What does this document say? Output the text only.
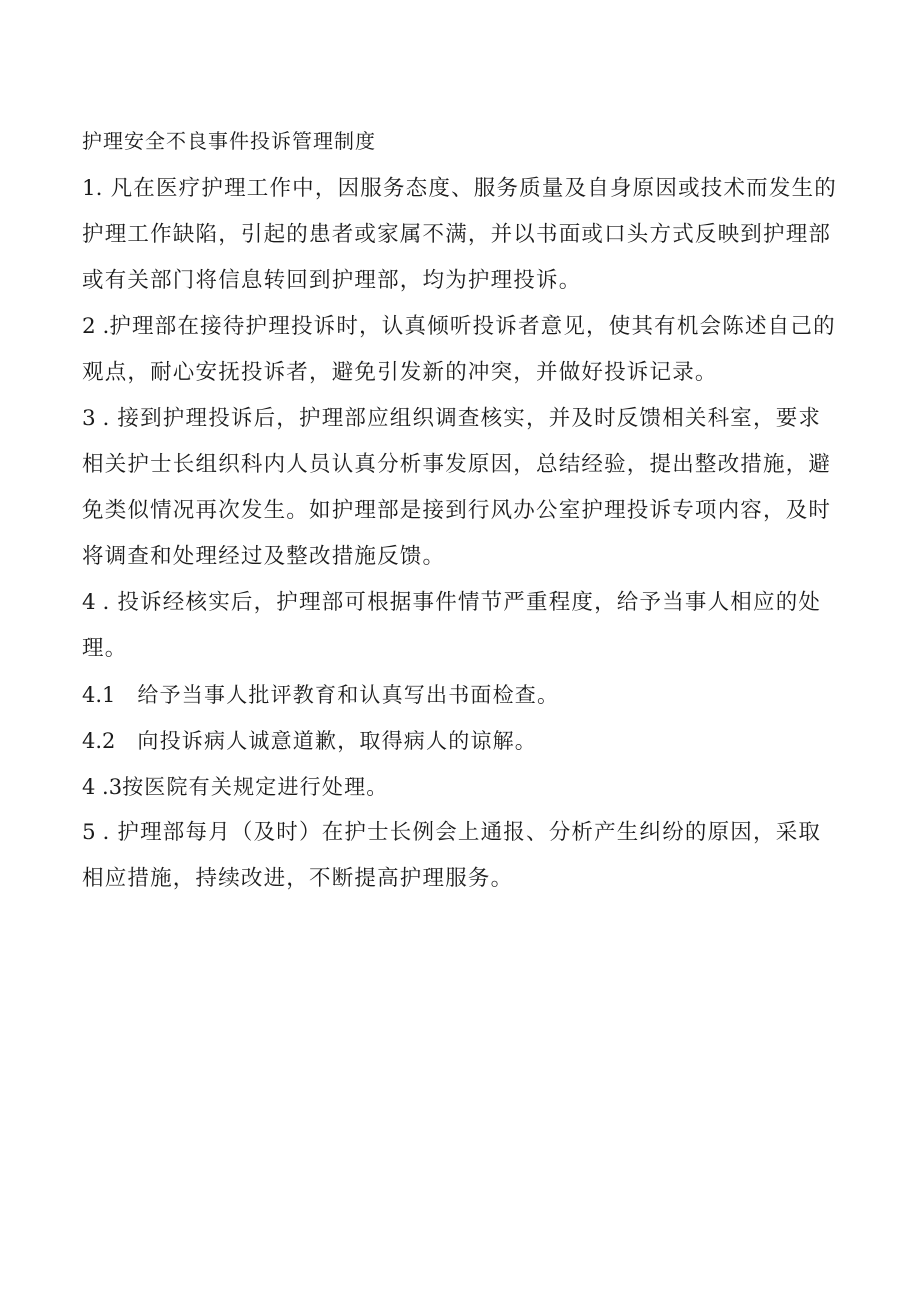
护理安全不良事件投诉管理制度

1. 凡在医疗护理工作中，因服务态度、服务质量及自身原因或技术而发生的护理工作缺陷，引起的患者或家属不满，并以书面或口头方式反映到护理部或有关部门将信息转回到护理部，均为护理投诉。

2 .护理部在接待护理投诉时，认真倾听投诉者意见，使其有机会陈述自己的观点，耐心安抚投诉者，避免引发新的冲突，并做好投诉记录。

3 . 接到护理投诉后，护理部应组织调查核实，并及时反馈相关科室，要求相关护士长组织科内人员认真分析事发原因，总结经验，提出整改措施，避免类似情况再次发生。如护理部是接到行风办公室护理投诉专项内容，及时将调查和处理经过及整改措施反馈。

4 . 投诉经核实后，护理部可根据事件情节严重程度，给予当事人相应的处理。

4.1 给予当事人批评教育和认真写出书面检查。

4.2 向投诉病人诚意道歉，取得病人的谅解。

4 .3按医院有关规定进行处理。

5 . 护理部每月（及时）在护士长例会上通报、分析产生纠纷的原因，采取相应措施，持续改进，不断提高护理服务。
